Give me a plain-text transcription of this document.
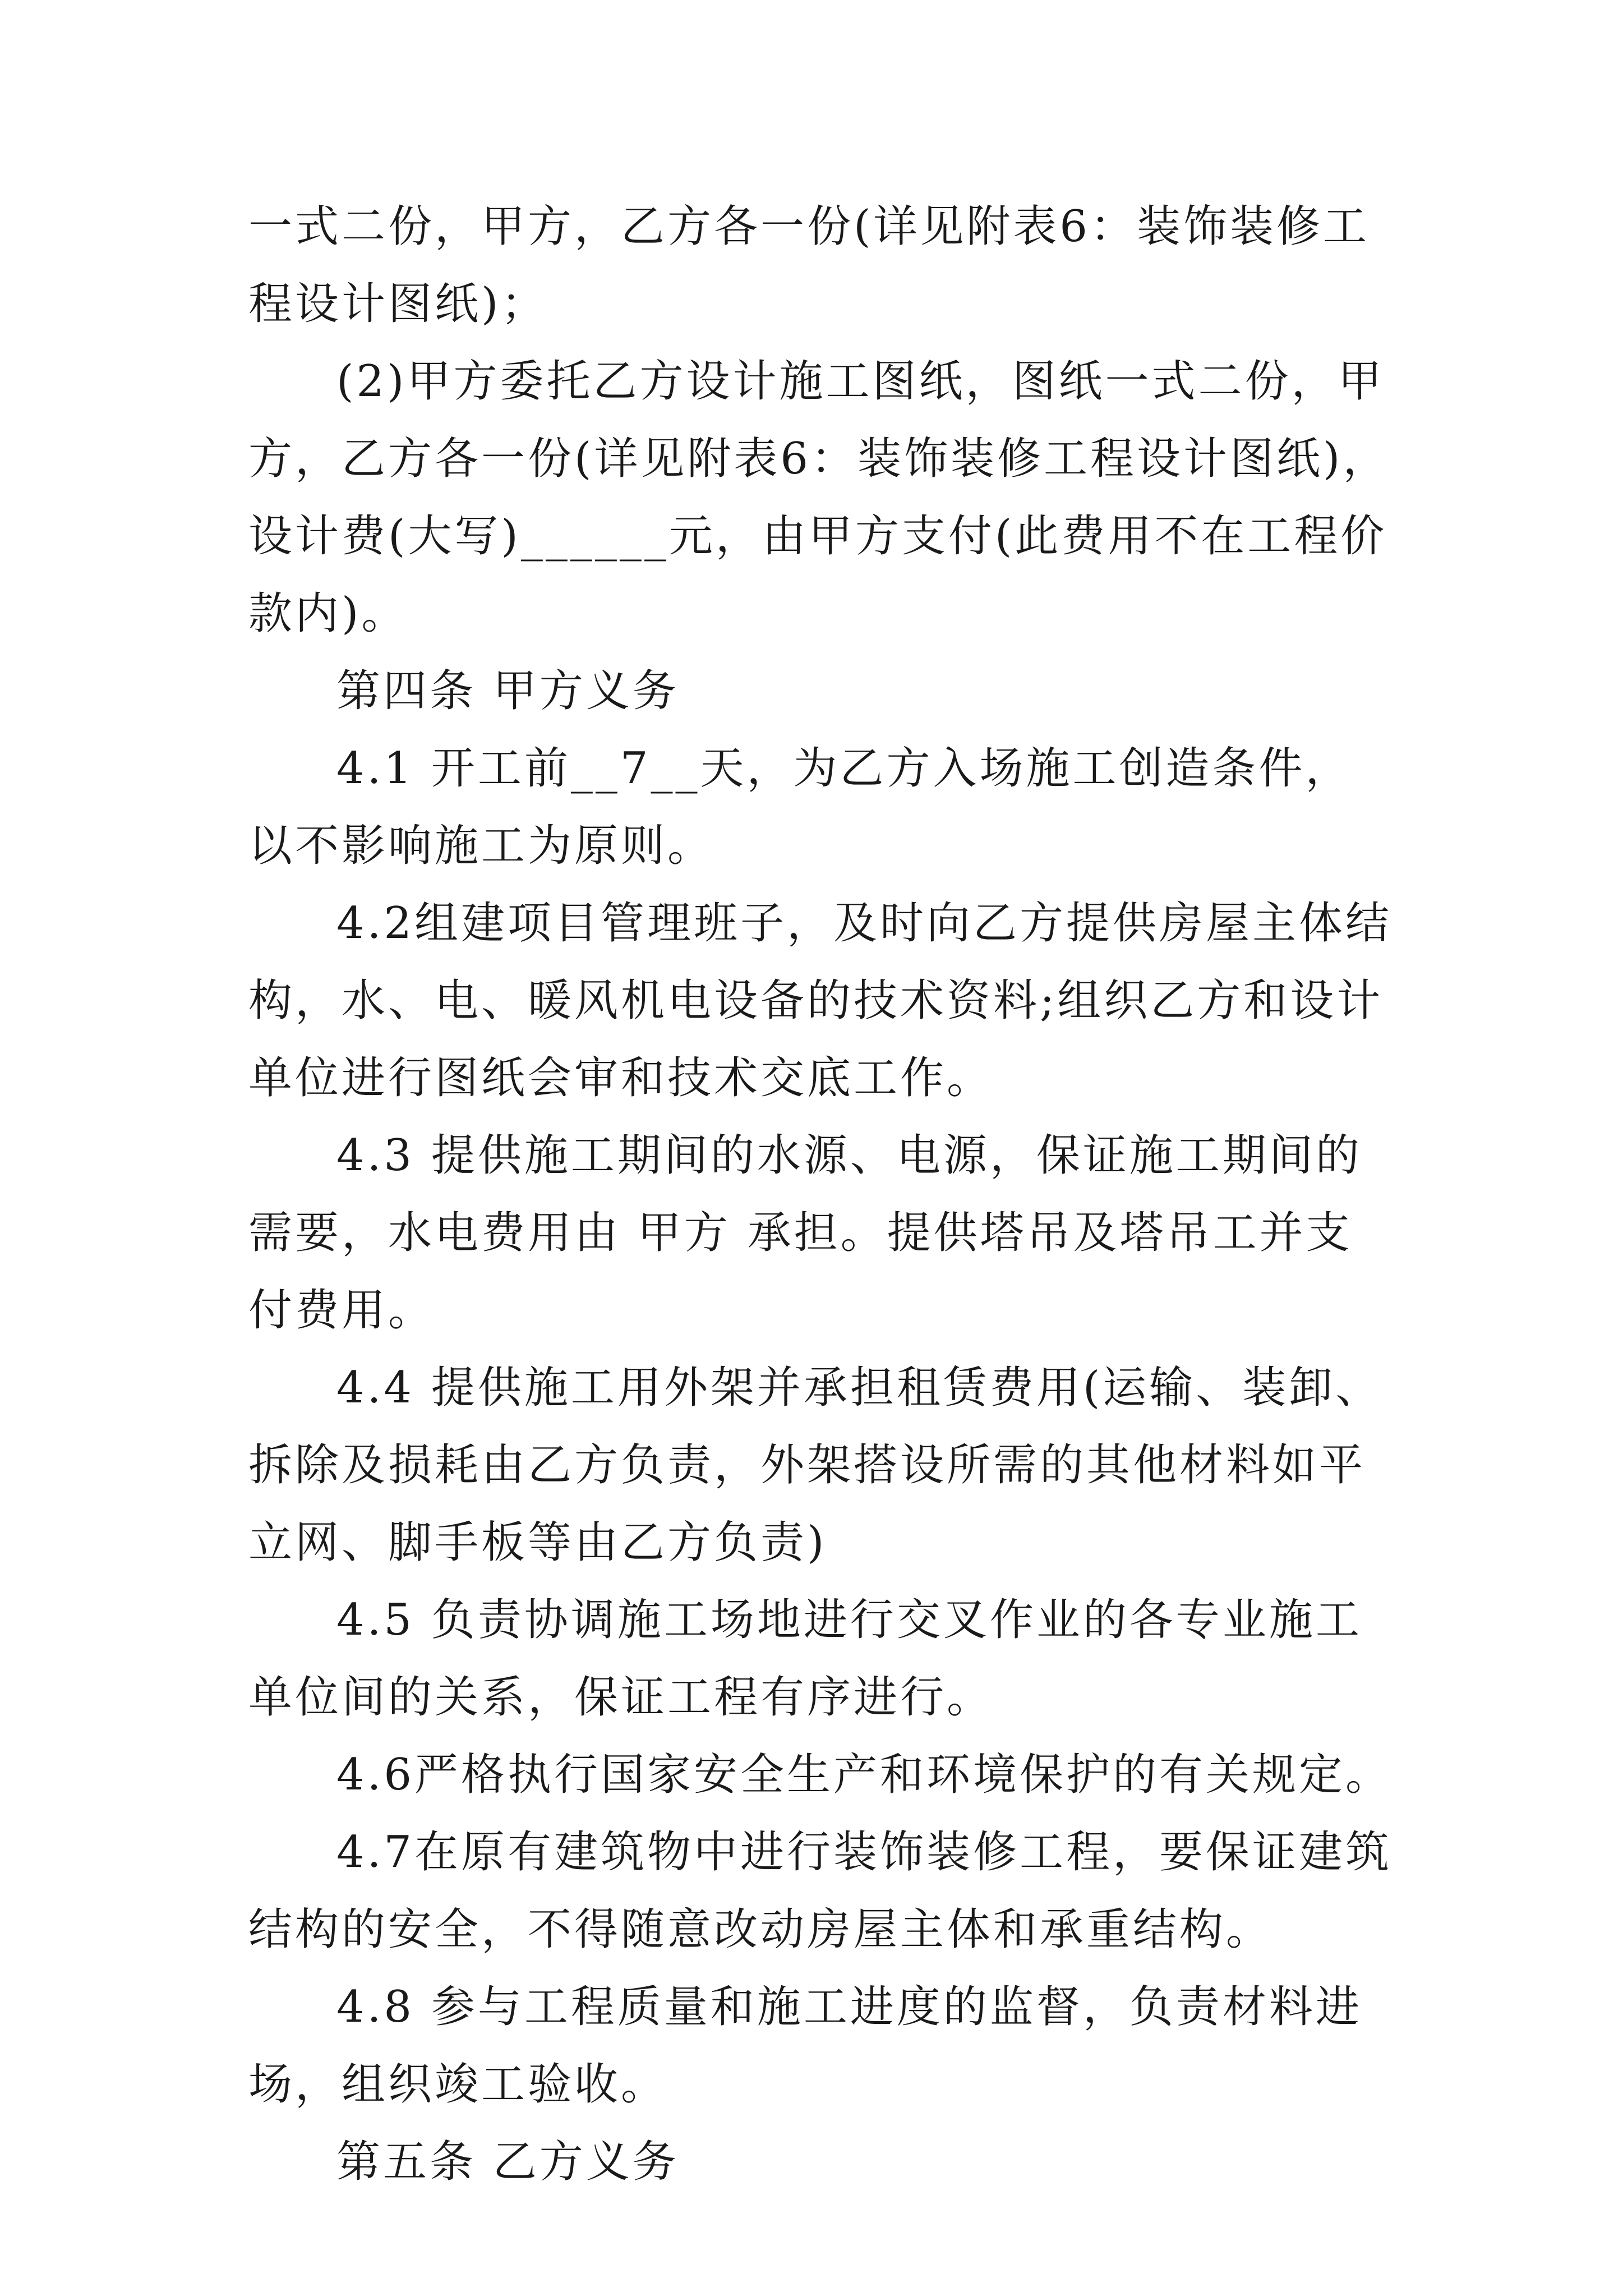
一式二份，甲方，乙方各一份(详见附表6：装饰装修工程设计图纸)；

(2)甲方委托乙方设计施工图纸，图纸一式二份，甲方，乙方各一份(详见附表6：装饰装修工程设计图纸)，设计费(大写)______元，由甲方支付(此费用不在工程价款内)。

第四条 甲方义务

4.1 开工前__7__天，为乙方入场施工创造条件，以不影响施工为原则。

4.2组建项目管理班子，及时向乙方提供房屋主体结构，水、电、暖风机电设备的技术资料;组织乙方和设计单位进行图纸会审和技术交底工作。

4.3 提供施工期间的水源、电源，保证施工期间的需要，水电费用由 甲方 承担。提供塔吊及塔吊工并支付费用。

4.4 提供施工用外架并承担租赁费用(运输、装卸、拆除及损耗由乙方负责，外架搭设所需的其他材料如平立网、脚手板等由乙方负责)

4.5 负责协调施工场地进行交叉作业的各专业施工单位间的关系，保证工程有序进行。

4.6严格执行国家安全生产和环境保护的有关规定。

4.7在原有建筑物中进行装饰装修工程，要保证建筑结构的安全，不得随意改动房屋主体和承重结构。

4.8 参与工程质量和施工进度的监督，负责材料进场，组织竣工验收。

第五条 乙方义务
